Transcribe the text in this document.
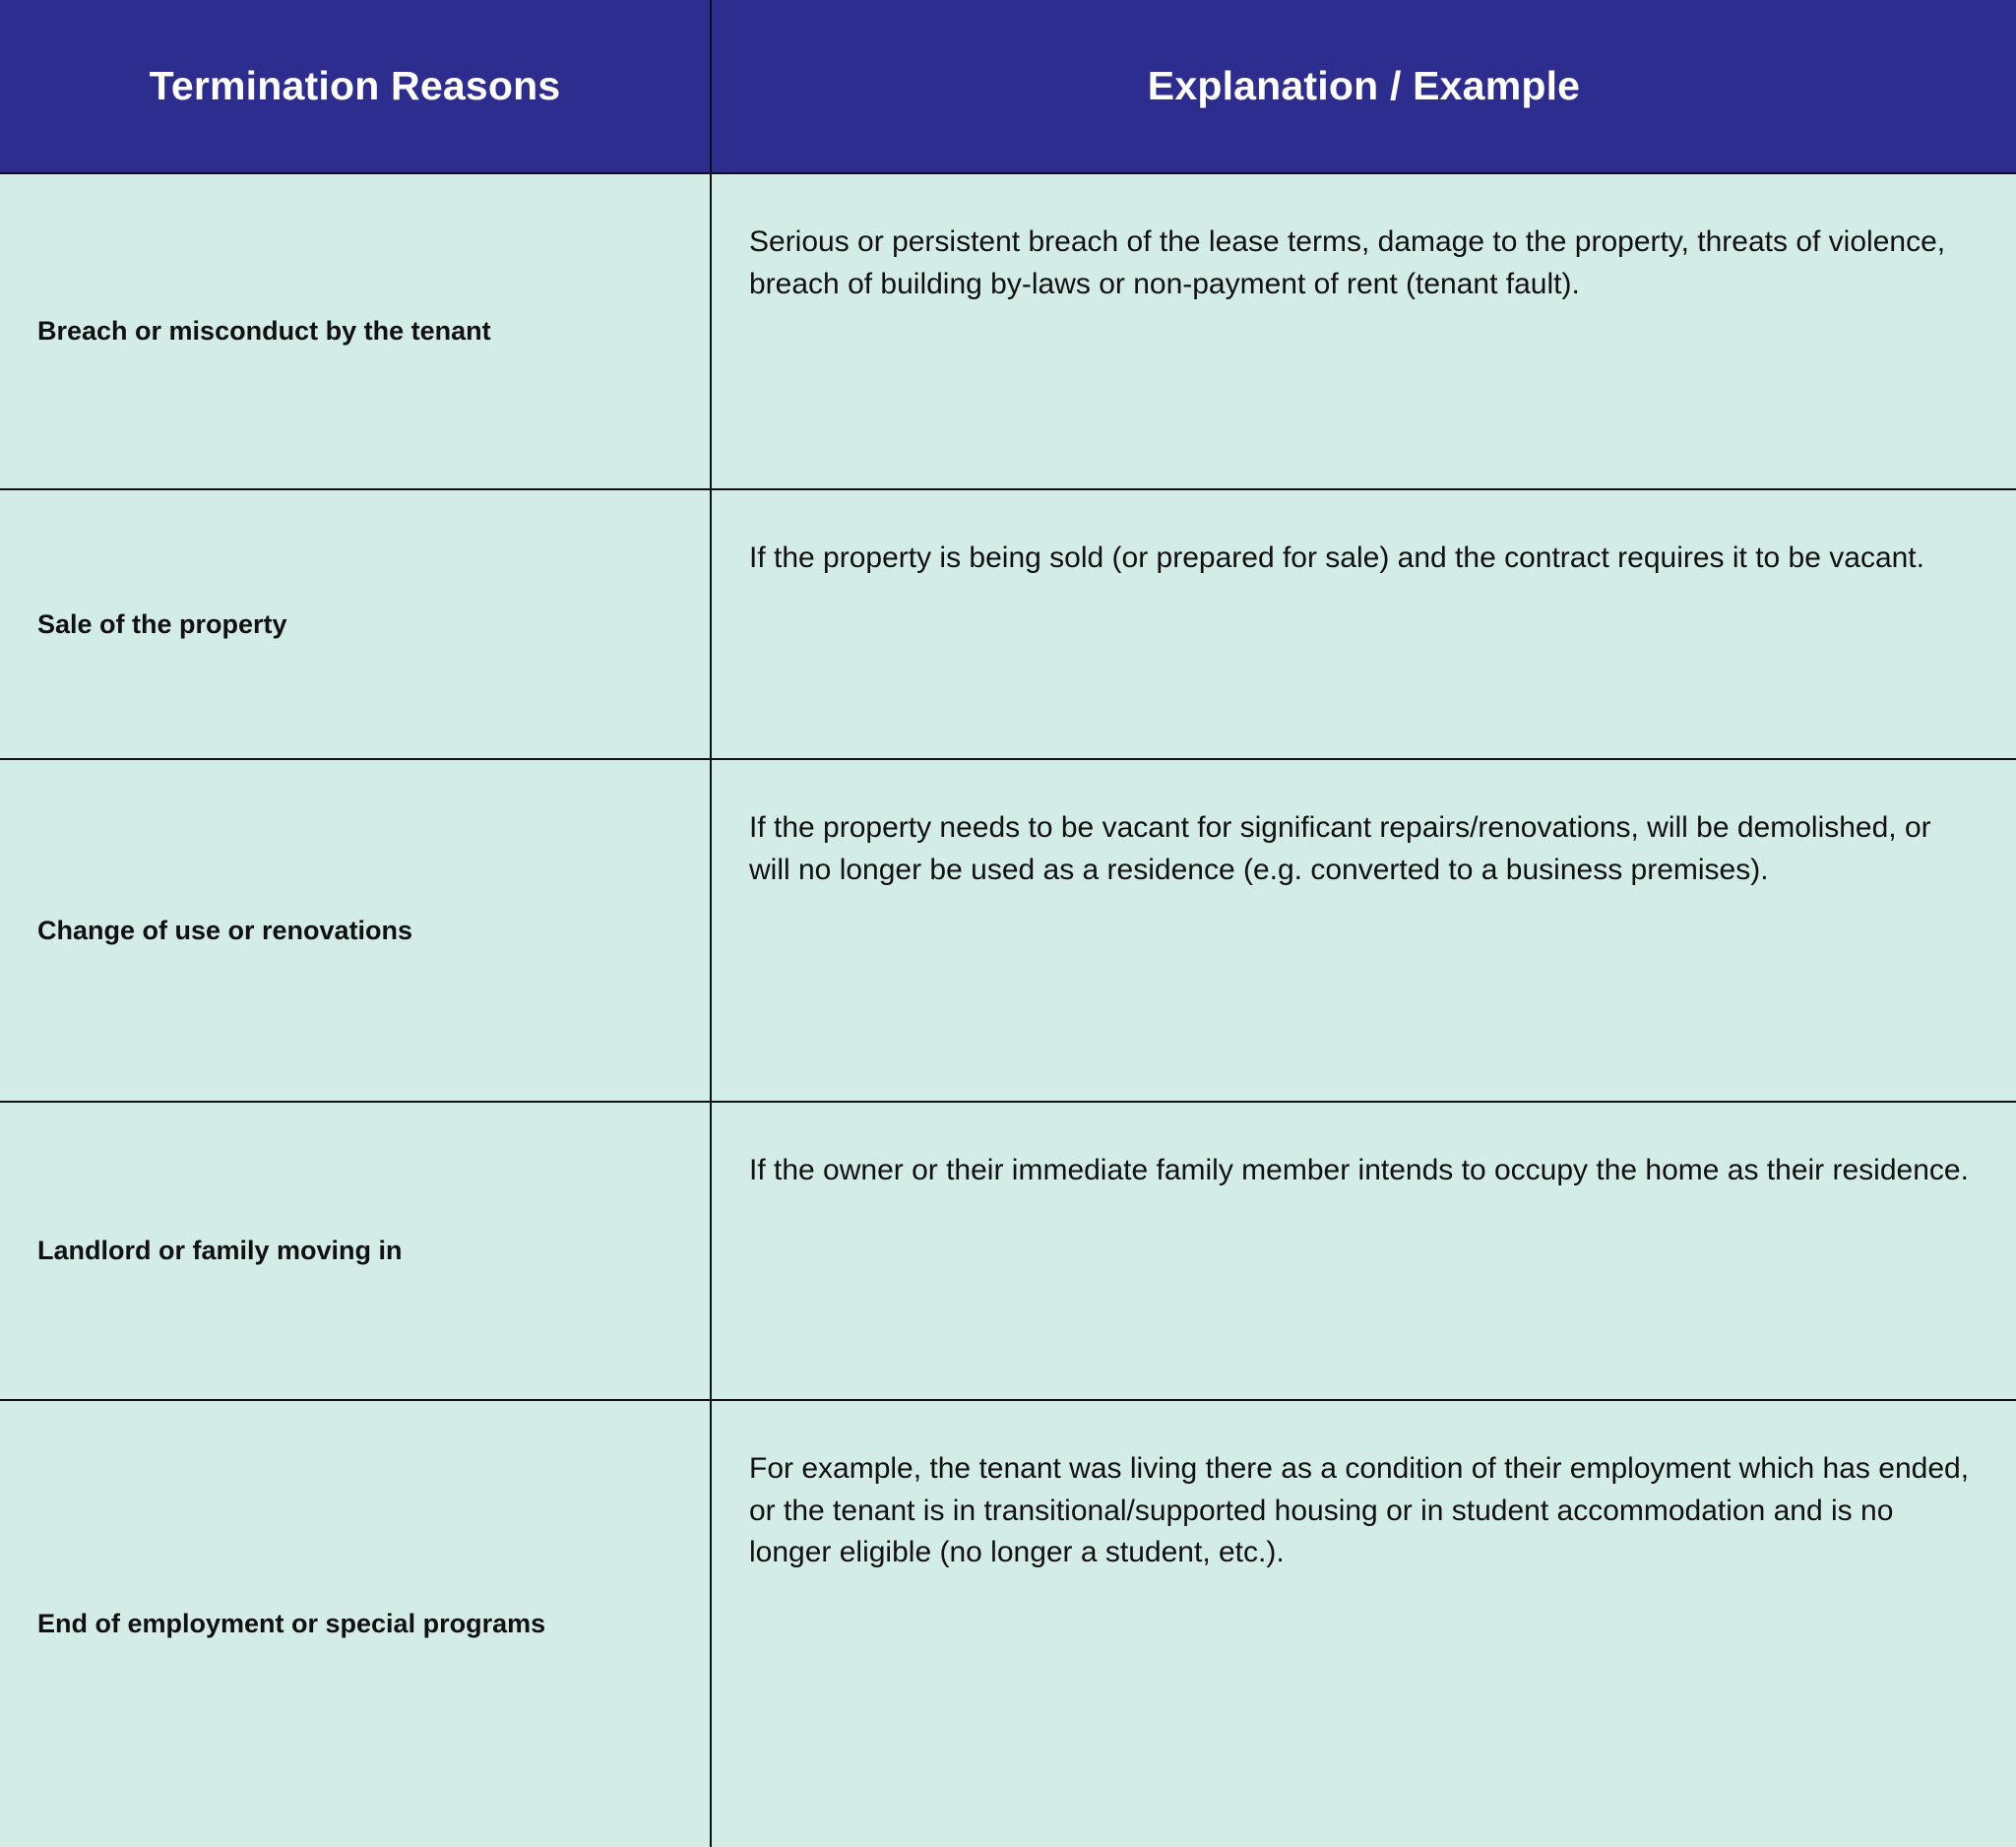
Termination Reasons	Explanation / Example
Breach or misconduct by the tenant	Serious or persistent breach of the lease terms, damage to the property, threats of violence, breach of building by-laws or non-payment of rent (tenant fault).
Sale of the property	If the property is being sold (or prepared for sale) and the contract requires it to be vacant.
Change of use or renovations	If the property needs to be vacant for significant repairs/renovations, will be demolished, or will no longer be used as a residence (e.g. converted to a business premises).
Landlord or family moving in	If the owner or their immediate family member intends to occupy the home as their residence.
End of employment or special programs	For example, the tenant was living there as a condition of their employment which has ended, or the tenant is in transitional/supported housing or in student accommodation and is no longer eligible (no longer a student, etc.).
